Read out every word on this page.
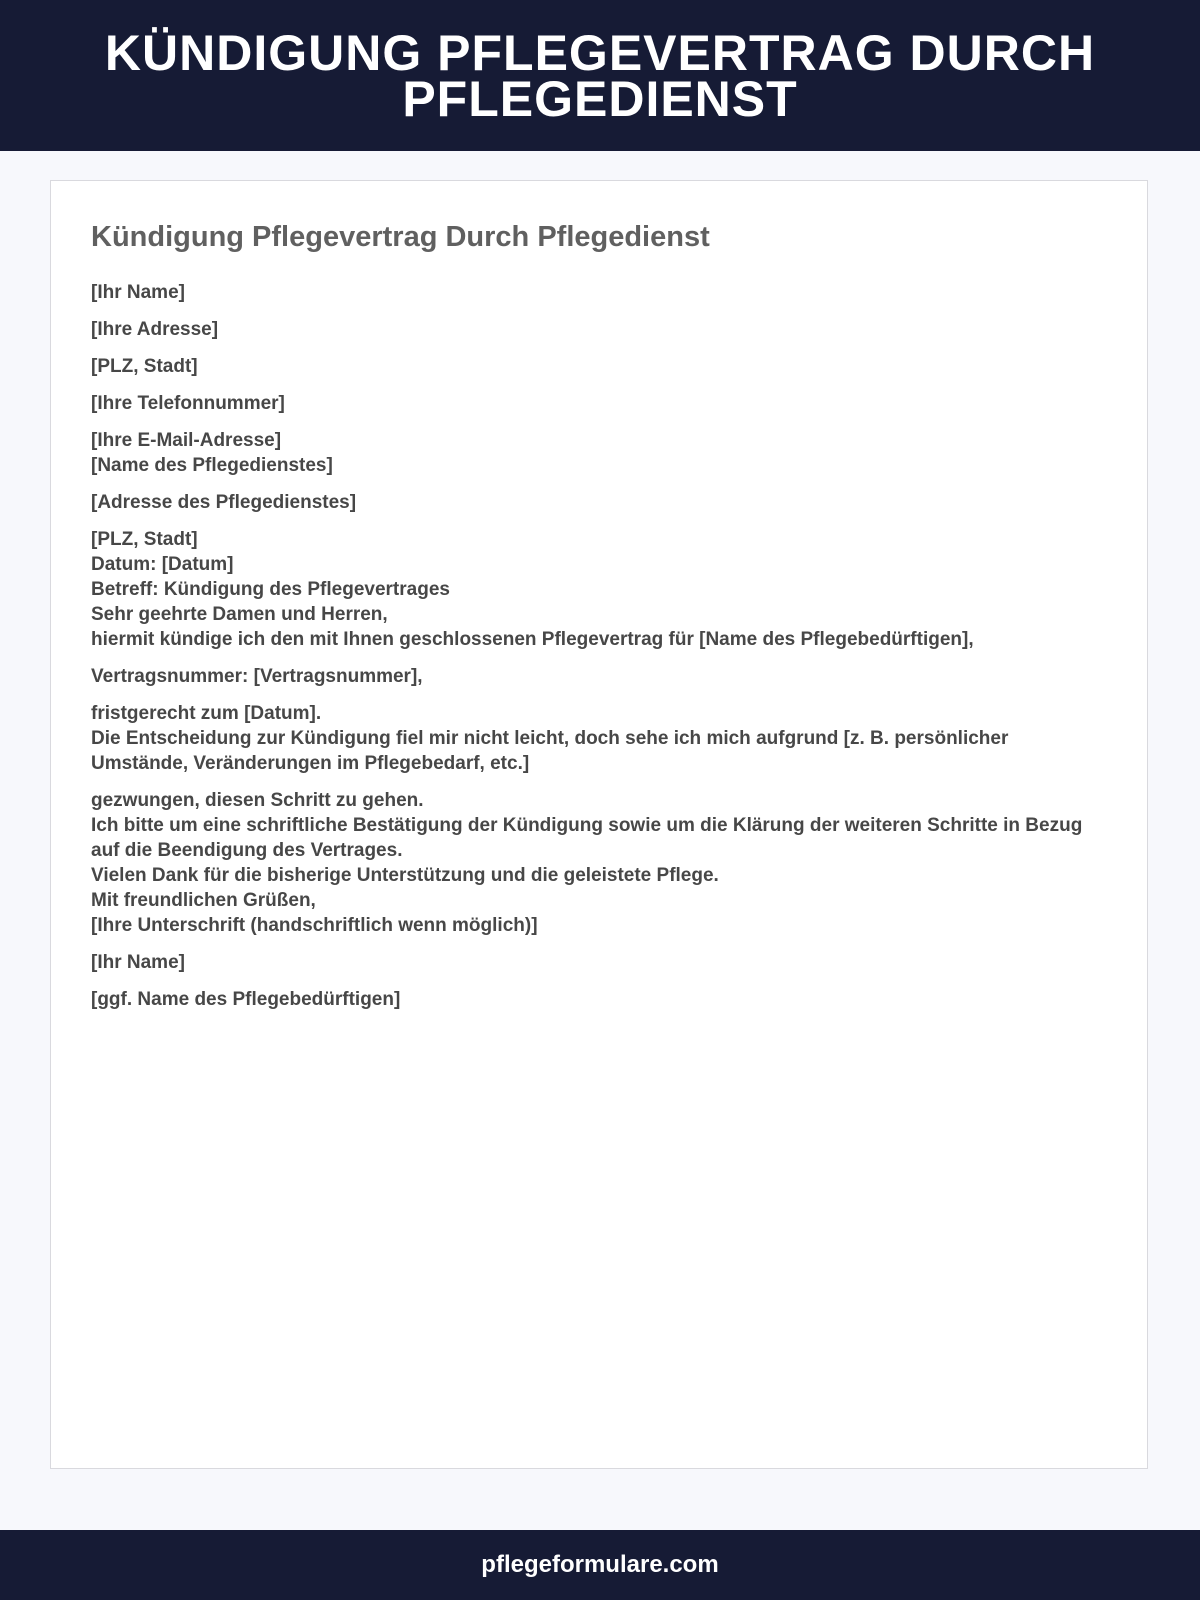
KÜNDIGUNG PFLEGEVERTRAG DURCH PFLEGEDIENST
Kündigung Pflegevertrag Durch Pflegedienst

[Ihr Name]

[Ihre Adresse]

[PLZ, Stadt]

[Ihre Telefonnummer]

[Ihre E-Mail-Adresse]
[Name des Pflegedienstes]

[Adresse des Pflegedienstes]

[PLZ, Stadt]
Datum: [Datum]
Betreff: Kündigung des Pflegevertrages
Sehr geehrte Damen und Herren,
hiermit kündige ich den mit Ihnen geschlossenen Pflegevertrag für [Name des Pflegebedürftigen],

Vertragsnummer: [Vertragsnummer],

fristgerecht zum [Datum].
Die Entscheidung zur Kündigung fiel mir nicht leicht, doch sehe ich mich aufgrund [z. B. persönlicher Umstände, Veränderungen im Pflegebedarf, etc.]

gezwungen, diesen Schritt zu gehen.
Ich bitte um eine schriftliche Bestätigung der Kündigung sowie um die Klärung der weiteren Schritte in Bezug auf die Beendigung des Vertrages.
Vielen Dank für die bisherige Unterstützung und die geleistete Pflege.
Mit freundlichen Grüßen,
[Ihre Unterschrift (handschriftlich wenn möglich)]

[Ihr Name]

[ggf. Name des Pflegebedürftigen]

pflegeformulare.com
